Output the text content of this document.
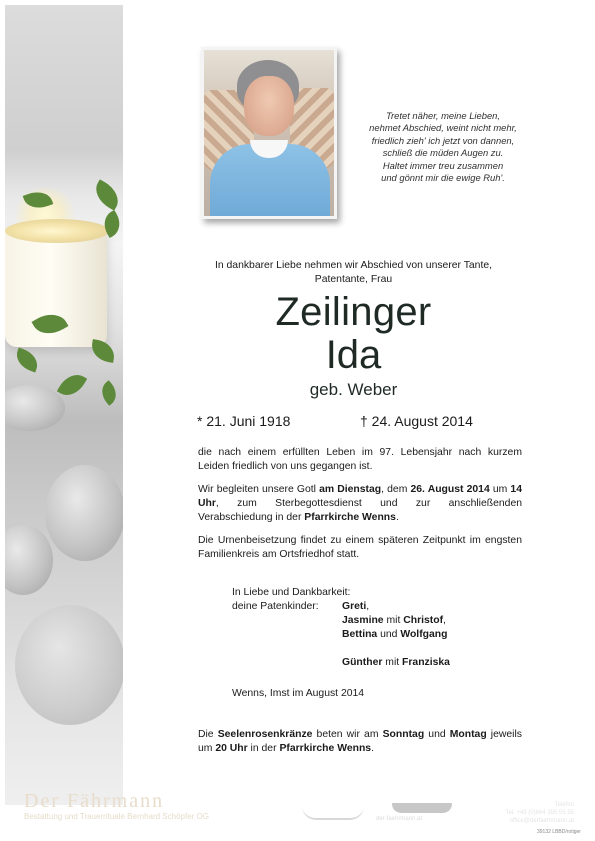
Tretet näher, meine Lieben,
nehmet Abschied, weint nicht mehr,
friedlich zieh' ich jetzt von dannen,
schließ die müden Augen zu.
Haltet immer treu zusammen
und gönnt mir die ewige Ruh'.
In dankbarer Liebe nehmen wir Abschied von unserer Tante,
Patentante, Frau
Zeilinger
Ida
geb. Weber
* 21. Juni 1918	† 24. August 2014
die nach einem erfüllten Leben im 97. Lebensjahr nach kurzem Leiden friedlich von uns gegangen ist.
Wir begleiten unsere Gotl am Dienstag, dem 26. August 2014 um 14 Uhr, zum Sterbegottesdienst und zur anschließenden Verabschiedung in der Pfarrkirche Wenns.
Die Urnenbeisetzung findet zu einem späteren Zeitpunkt im engsten Familienkreis am Ortsfriedhof statt.
In Liebe und Dankbarkeit:
deine Patenkinder: Greti,
Jasmine mit Christof,
Bettina und Wolfgang
Günther mit Franziska
Wenns, Imst im August 2014
Die Seelenrosenkränze beten wir am Sonntag und Montag jeweils um 20 Uhr in der Pfarrkirche Wenns.
Der Fährmann
Bestattung und Trauerrituale Bernhard Schöpfer OG
Telefon
Tel. +43 (0)664 355 55 55
office@derfaehrmann.at
der-faehrmann.at
39132 LBBD/rotiger
